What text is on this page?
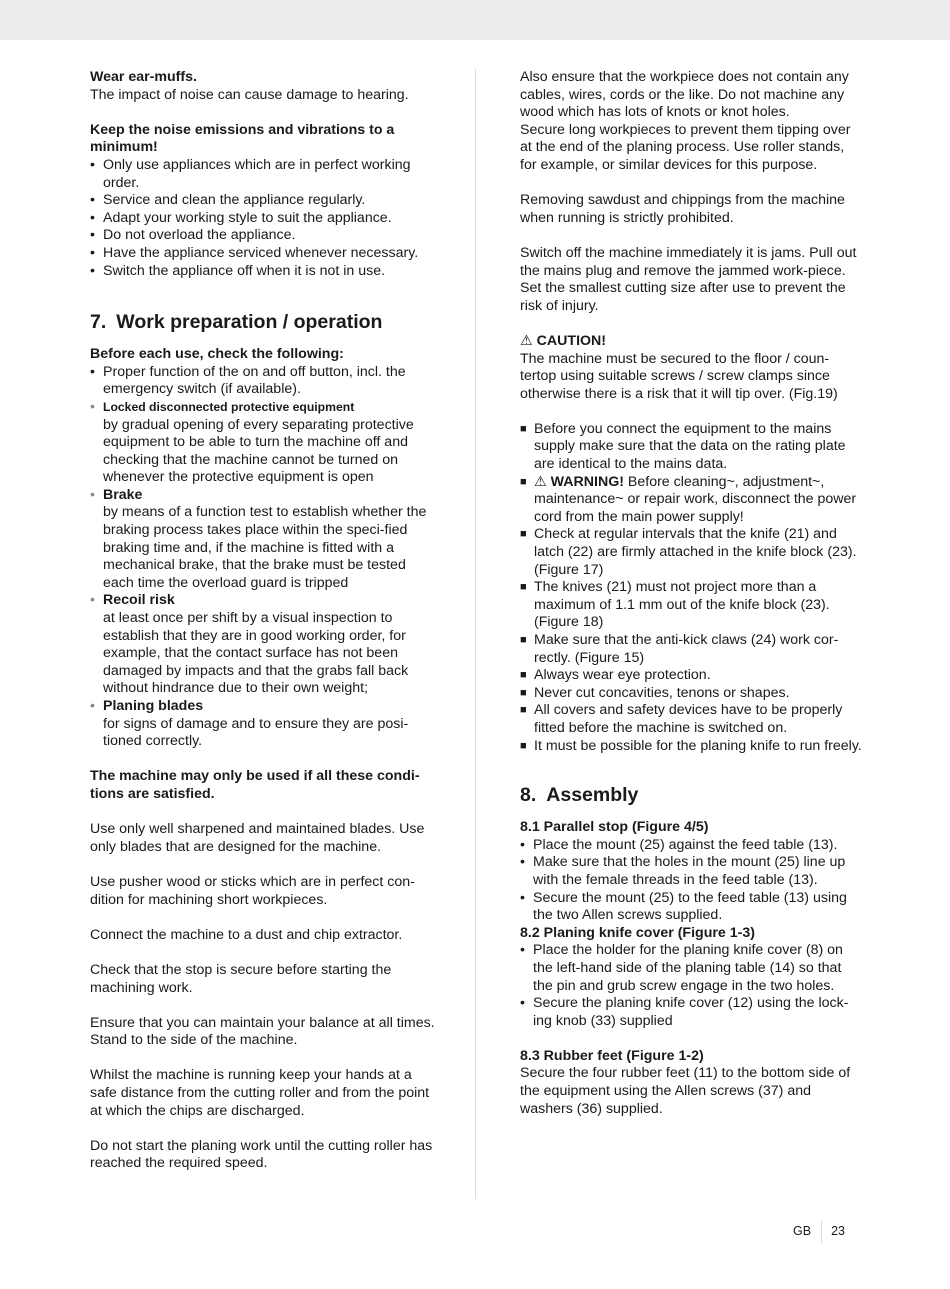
Wear ear-muffs.

The impact of noise can cause damage to hearing.

Keep the noise emissions and vibrations to a minimum!

• Only use appliances which are in perfect working order.
• Service and clean the appliance regularly.
• Adapt your working style to suit the appliance.
• Do not overload the appliance.
• Have the appliance serviced whenever necessary.
• Switch the appliance off when it is not in use.
7. Work preparation / operation

Before each use, check the following:

• Proper function of the on and off button, incl. the emergency switch (if available).
• Locked disconnected protective equipment
by gradual opening of every separating protective equipment to be able to turn the machine off and checking that the machine cannot be turned on whenever the protective equipment is open
• Brake
by means of a function test to establish whether the braking process takes place within the speci-fied braking time and, if the machine is fitted with a mechanical brake, that the brake must be tested each time the overload guard is tripped
• Recoil risk
at least once per shift by a visual inspection to establish that they are in good working order, for example, that the contact surface has not been damaged by impacts and that the grabs fall back without hindrance due to their own weight;
• Planing blades
for signs of damage and to ensure they are posi-tioned correctly.

The machine may only be used if all these condi-tions are satisfied.

Use only well sharpened and maintained blades. Use only blades that are designed for the machine.

Use pusher wood or sticks which are in perfect con-dition for machining short workpieces.

Connect the machine to a dust and chip extractor.

Check that the stop is secure before starting the machining work.

Ensure that you can maintain your balance at all times. Stand to the side of the machine.

Whilst the machine is running keep your hands at a safe distance from the cutting roller and from the point at which the chips are discharged.

Do not start the planing work until the cutting roller has reached the required speed.

Also ensure that the workpiece does not contain any cables, wires, cords or the like. Do not machine any wood which has lots of knots or knot holes.

Secure long workpieces to prevent them tipping over at the end of the planing process. Use roller stands, for example, or similar devices for this purpose.

Removing sawdust and chippings from the machine when running is strictly prohibited.

Switch off the machine immediately it is jams. Pull out the mains plug and remove the jammed work-piece.

Set the smallest cutting size after use to prevent the risk of injury.

⚠ CAUTION!

The machine must be secured to the floor / coun-tertop using suitable screws / screw clamps since otherwise there is a risk that it will tip over. (Fig.19)

■ Before you connect the equipment to the mains supply make sure that the data on the rating plate are identical to the mains data.
■ ⚠ WARNING! Before cleaning~, adjustment~, maintenance~ or repair work, disconnect the power cord from the main power supply!
■ Check at regular intervals that the knife (21) and latch (22) are firmly attached in the knife block (23). (Figure 17)
■ The knives (21) must not project more than a maximum of 1.1 mm out of the knife block (23). (Figure 18)
■ Make sure that the anti-kick claws (24) work cor-rectly. (Figure 15)
■ Always wear eye protection.
■ Never cut concavities, tenons or shapes.
■ All covers and safety devices have to be properly fitted before the machine is switched on.
■ It must be possible for the planing knife to run freely.
8. Assembly

8.1 Parallel stop (Figure 4/5)

• Place the mount (25) against the feed table (13).
• Make sure that the holes in the mount (25) line up with the female threads in the feed table (13).
• Secure the mount (25) to the feed table (13) using the two Allen screws supplied.

8.2 Planing knife cover (Figure 1-3)

• Place the holder for the planing knife cover (8) on the left-hand side of the planing table (14) so that the pin and grub screw engage in the two holes.
• Secure the planing knife cover (12) using the lock-ing knob (33) supplied

8.3 Rubber feet (Figure 1-2)

Secure the four rubber feet (11) to the bottom side of the equipment using the Allen screws (37) and washers (36) supplied.

GB 23
